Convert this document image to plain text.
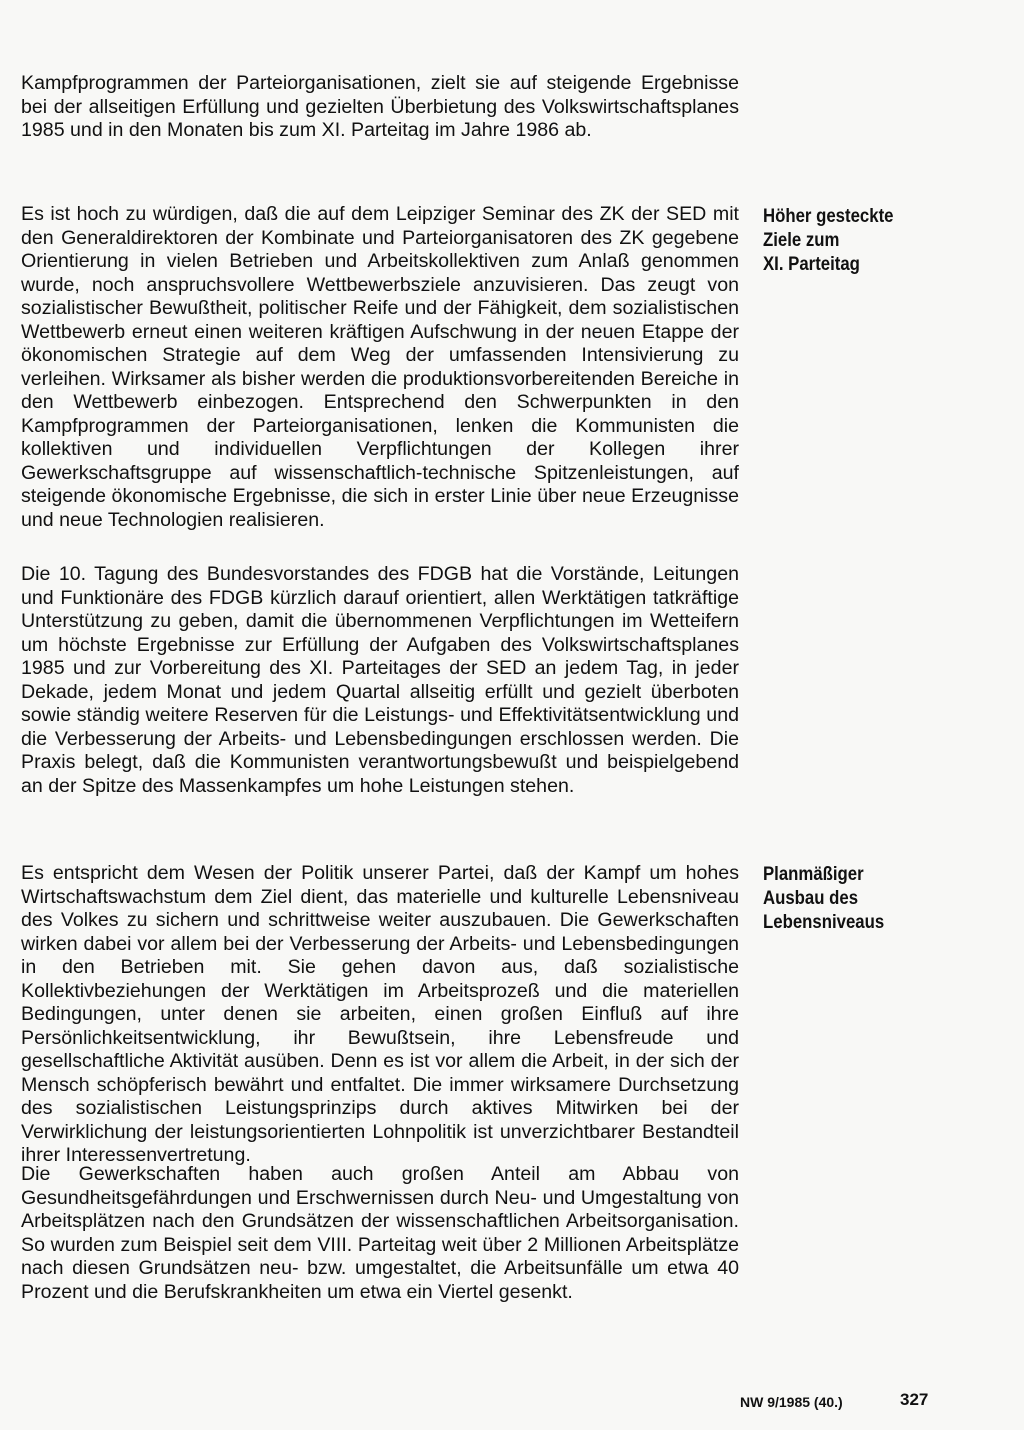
Kampfprogrammen der Parteiorganisationen, zielt sie auf steigende Ergebnisse bei der allseitigen Erfüllung und gezielten Überbietung des Volkswirtschaftsplanes 1985 und in den Monaten bis zum XI. Parteitag im Jahre 1986 ab.

Höher gesteckte
Ziele zum
XI. Parteitag

Es ist hoch zu würdigen, daß die auf dem Leipziger Seminar des ZK der SED mit den Generaldirektoren der Kombinate und Parteiorganisatoren des ZK gegebene Orientierung in vielen Betrieben und Arbeitskollektiven zum Anlaß genommen wurde, noch anspruchsvollere Wettbewerbsziele anzuvisieren. Das zeugt von sozialistischer Bewußtheit, politischer Reife und der Fähigkeit, dem sozialistischen Wettbewerb erneut einen weiteren kräftigen Aufschwung in der neuen Etappe der ökonomischen Strategie auf dem Weg der umfassenden Intensivierung zu verleihen. Wirksamer als bisher werden die produktionsvorbereitenden Bereiche in den Wettbewerb einbezogen. Entsprechend den Schwerpunkten in den Kampfprogrammen der Parteiorganisationen, lenken die Kommunisten die kollektiven und individuellen Verpflichtungen der Kollegen ihrer Gewerkschaftsgruppe auf wissenschaftlich-technische Spitzenleistungen, auf steigende ökonomische Ergebnisse, die sich in erster Linie über neue Erzeugnisse und neue Technologien realisieren.

Die 10. Tagung des Bundesvorstandes des FDGB hat die Vorstände, Leitungen und Funktionäre des FDGB kürzlich darauf orientiert, allen Werktätigen tatkräftige Unterstützung zu geben, damit die übernommenen Verpflichtungen im Wetteifern um höchste Ergebnisse zur Erfüllung der Aufgaben des Volkswirtschaftsplanes 1985 und zur Vorbereitung des XI. Parteitages der SED an jedem Tag, in jeder Dekade, jedem Monat und jedem Quartal allseitig erfüllt und gezielt überboten sowie ständig weitere Reserven für die Leistungs- und Effektivitätsentwicklung und die Verbesserung der Arbeits- und Lebensbedingungen erschlossen werden. Die Praxis belegt, daß die Kommunisten verantwortungsbewußt und beispielgebend an der Spitze des Massenkampfes um hohe Leistungen stehen.

Planmäßiger
Ausbau des
Lebensniveaus

Es entspricht dem Wesen der Politik unserer Partei, daß der Kampf um hohes Wirtschaftswachstum dem Ziel dient, das materielle und kulturelle Lebensniveau des Volkes zu sichern und schrittweise weiter auszubauen. Die Gewerkschaften wirken dabei vor allem bei der Verbesserung der Arbeits- und Lebensbedingungen in den Betrieben mit. Sie gehen davon aus, daß sozialistische Kollektivbeziehungen der Werktätigen im Arbeitsprozeß und die materiellen Bedingungen, unter denen sie arbeiten, einen großen Einfluß auf ihre Persönlichkeitsentwicklung, ihr Bewußtsein, ihre Lebensfreude und gesellschaftliche Aktivität ausüben. Denn es ist vor allem die Arbeit, in der sich der Mensch schöpferisch bewährt und entfaltet. Die immer wirksamere Durchsetzung des sozialistischen Leistungsprinzips durch aktives Mitwirken bei der Verwirklichung der leistungsorientierten Lohnpolitik ist unverzichtbarer Bestandteil ihrer Interessenvertretung.

Die Gewerkschaften haben auch großen Anteil am Abbau von Gesundheitsgefährdungen und Erschwernissen durch Neu- und Umgestaltung von Arbeitsplätzen nach den Grundsätzen der wissenschaftlichen Arbeitsorganisation. So wurden zum Beispiel seit dem VIII. Parteitag weit über 2 Millionen Arbeitsplätze nach diesen Grundsätzen neu- bzw. umgestaltet, die Arbeitsunfälle um etwa 40 Prozent und die Berufskrankheiten um etwa ein Viertel gesenkt.

NW 9/1985 (40.)	327
